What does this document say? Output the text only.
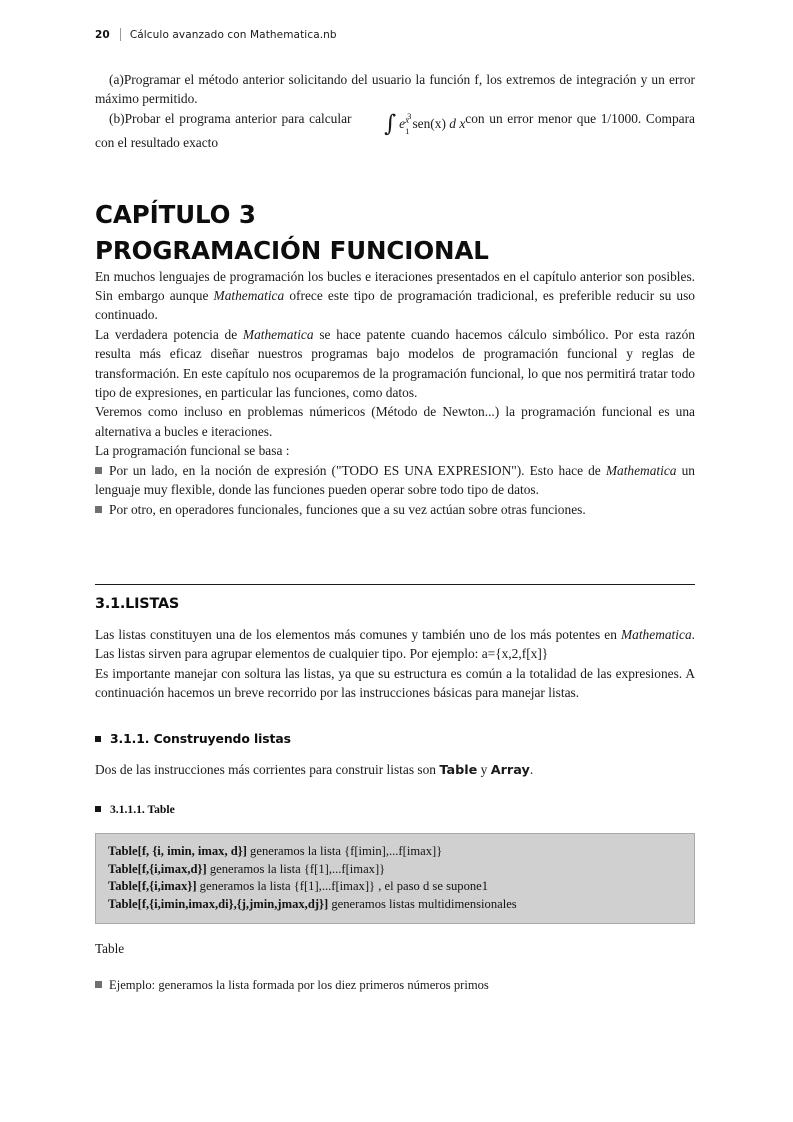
20 Cálculo avanzado con Mathematica.nb

(a)Programar el método anterior solicitando del usuario la función f, los extremos de integración y un error máximo permitido.

(b)Probar el programa anterior para calcular ∫	3
1
$e^x$ sen(x) d xcon un error menor que 1/1000. Compara con el resultado exacto

CAPÍTULO 3
PROGRAMACIÓN FUNCIONAL

En muchos lenguajes de programación los bucles e iteraciones presentados en el capítulo anterior son posibles. Sin embargo aunque Mathematica ofrece este tipo de programación tradicional, es preferible reducir su uso continuado.

La verdadera potencia de Mathematica se hace patente cuando hacemos cálculo simbólico. Por esta razón resulta más eficaz diseñar nuestros programas bajo modelos de programación funcional y reglas de transformación. En este capítulo nos ocuparemos de la programación funcional, lo que nos permitirá tratar todo tipo de expresiones, en particular las funciones, como datos.

Veremos como incluso en problemas númericos (Método de Newton...) la programación funcional es una alternativa a bucles e iteraciones.

La programación funcional se basa :

Por un lado, en la noción de expresión ("TODO ES UNA EXPRESION"). Esto hace de Mathematica un lenguaje muy flexible, donde las funciones pueden operar sobre todo tipo de datos.

Por otro, en operadores funcionales, funciones que a su vez actúan sobre otras funciones.

3.1.LISTAS

Las listas constituyen una de los elementos más comunes y también uno de los más potentes en Mathematica. Las listas sirven para agrupar elementos de cualquier tipo. Por ejemplo: a={x,2,f[x]}

Es importante manejar con soltura las listas, ya que su estructura es común a la totalidad de las expresiones. A continuación hacemos un breve recorrido por las instrucciones básicas para manejar listas.

3.1.1. Construyendo listas

Dos de las instrucciones más corrientes para construir listas son Table y Array.

3.1.1.1. Table
Table[f, {i, imin, imax, d}] generamos la lista {f[imin],...f[imax]}
Table[f,{i,imax,d}] generamos la lista {f[1],...f[imax]}
Table[f,{i,imax}] generamos la lista {f[1],...f[imax]} , el paso d se supone1
Table[f,{i,imin,imax,di},{j,jmin,jmax,dj}] generamos listas multidimensionales
Table

Ejemplo: generamos la lista formada por los diez primeros números primos
